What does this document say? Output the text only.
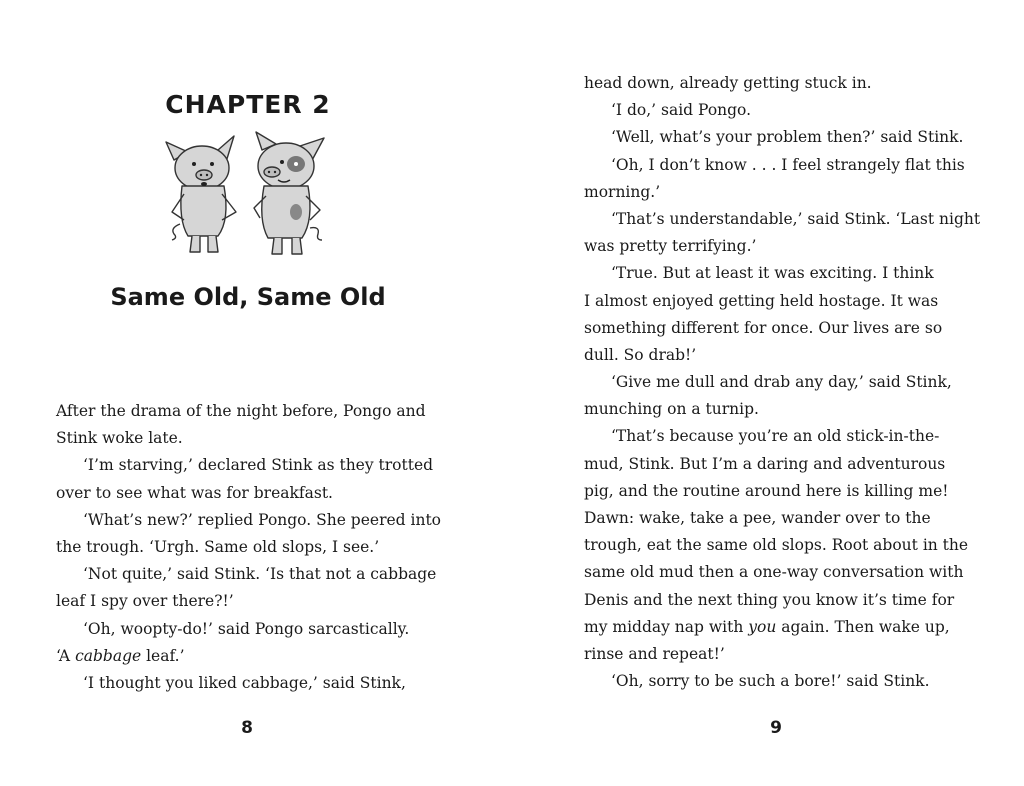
CHAPTER 2
Same Old, Same Old
After the drama of the night before, Pongo and
Stink woke late.
‘I’m starving,’ declared Stink as they trotted
over to see what was for breakfast.
‘What’s new?’ replied Pongo. She peered into
the trough. ‘Urgh. Same old slops, I see.’
‘Not quite,’ said Stink. ‘Is that not a cabbage
leaf I spy over there?!’
‘Oh, woopty-do!’ said Pongo sarcastically.
‘A cabbage leaf.’
‘I thought you liked cabbage,’ said Stink,
8
head down, already getting stuck in.
‘I do,’ said Pongo.
‘Well, what’s your problem then?’ said Stink.
‘Oh, I don’t know . . . I feel strangely flat this
morning.’
‘That’s understandable,’ said Stink. ‘Last night
was pretty terrifying.’
‘True. But at least it was exciting. I think
I almost enjoyed getting held hostage. It was
something different for once. Our lives are so
dull. So drab!’
‘Give me dull and drab any day,’ said Stink,
munching on a turnip.
‘That’s because you’re an old stick-in-the-
mud, Stink. But I’m a daring and adventurous
pig, and the routine around here is killing me!
Dawn: wake, take a pee, wander over to the
trough, eat the same old slops. Root about in the
same old mud then a one-way conversation with
Denis and the next thing you know it’s time for
my midday nap with you again. Then wake up,
rinse and repeat!’
‘Oh, sorry to be such a bore!’ said Stink.
9
